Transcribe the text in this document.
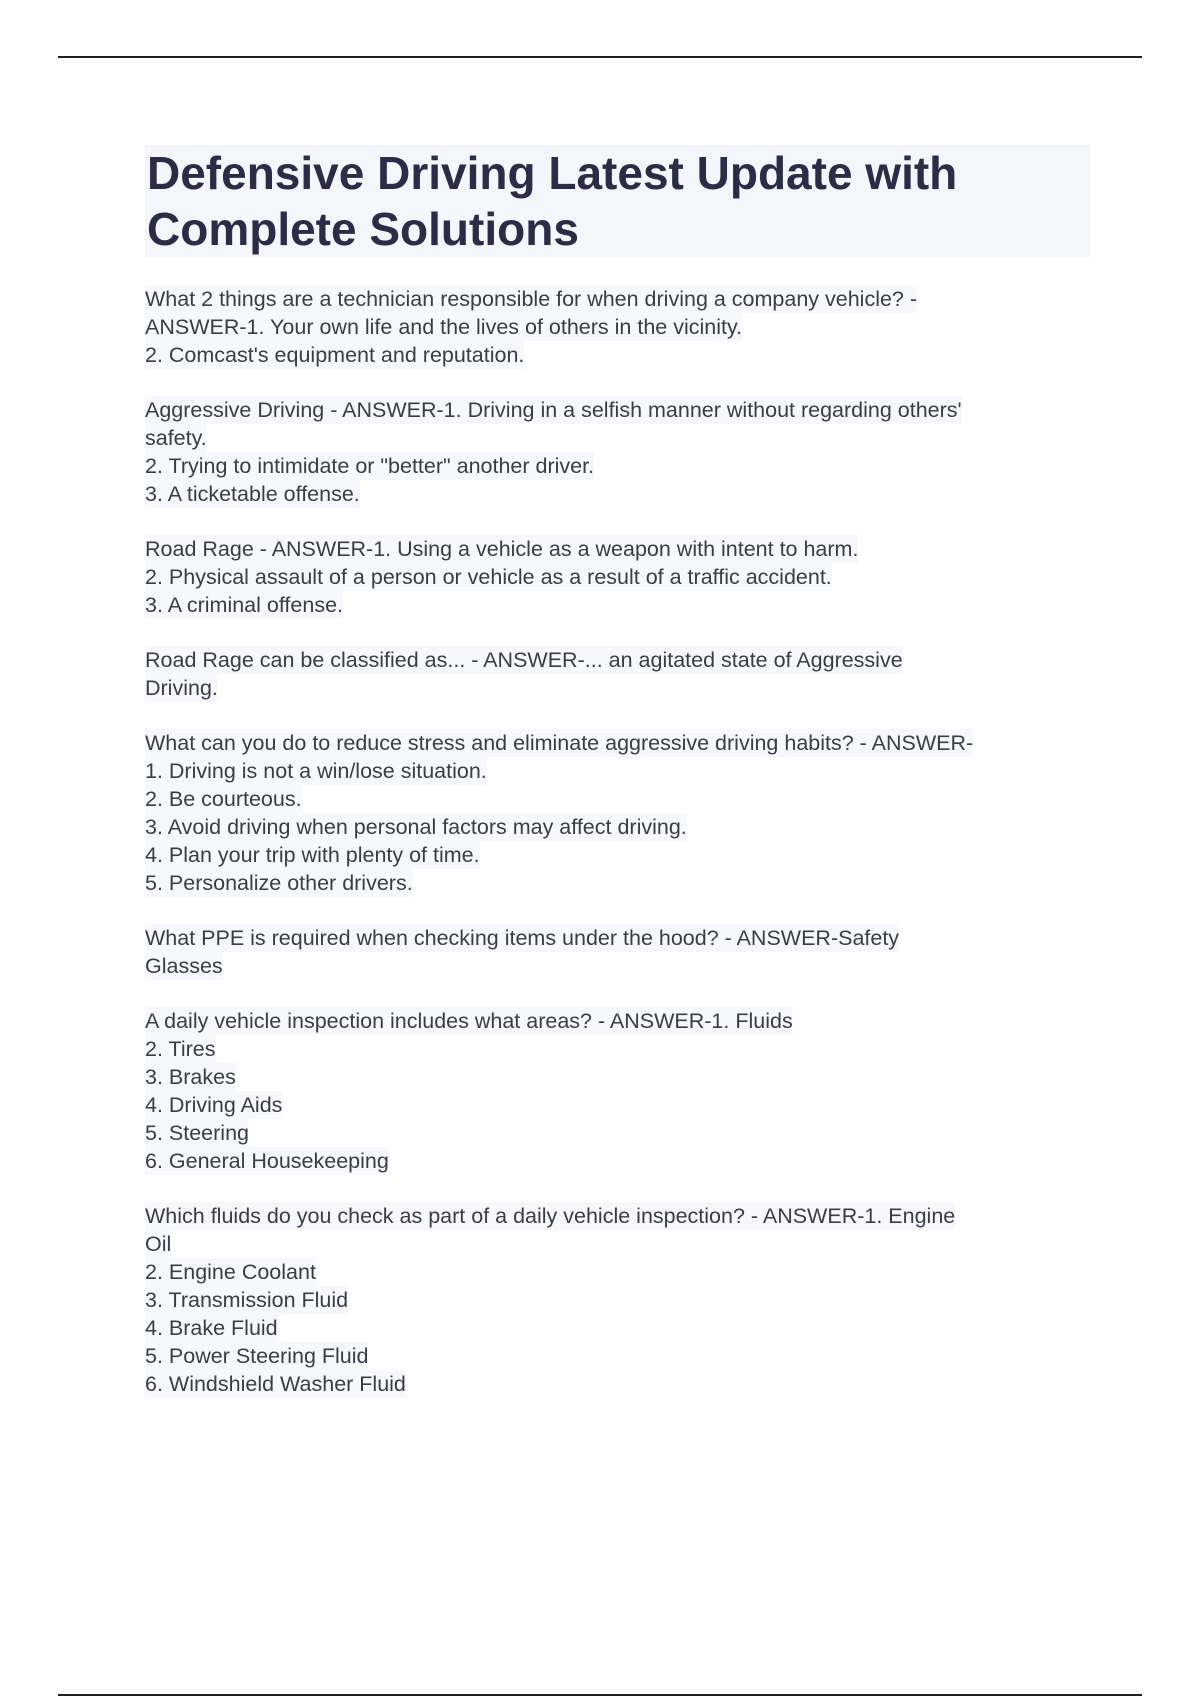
Defensive Driving Latest Update with
Complete Solutions
What 2 things are a technician responsible for when driving a company vehicle? -
ANSWER-1. Your own life and the lives of others in the vicinity.
2. Comcast's equipment and reputation.

Aggressive Driving - ANSWER-1. Driving in a selfish manner without regarding others'
safety.
2. Trying to intimidate or "better" another driver.
3. A ticketable offense.

Road Rage - ANSWER-1. Using a vehicle as a weapon with intent to harm.
2. Physical assault of a person or vehicle as a result of a traffic accident.
3. A criminal offense.

Road Rage can be classified as... - ANSWER-... an agitated state of Aggressive
Driving.

What can you do to reduce stress and eliminate aggressive driving habits? - ANSWER-
1. Driving is not a win/lose situation.
2. Be courteous.
3. Avoid driving when personal factors may affect driving.
4. Plan your trip with plenty of time.
5. Personalize other drivers.

What PPE is required when checking items under the hood? - ANSWER-Safety
Glasses

A daily vehicle inspection includes what areas? - ANSWER-1. Fluids
2. Tires
3. Brakes
4. Driving Aids
5. Steering
6. General Housekeeping

Which fluids do you check as part of a daily vehicle inspection? - ANSWER-1. Engine
Oil
2. Engine Coolant
3. Transmission Fluid
4. Brake Fluid
5. Power Steering Fluid
6. Windshield Washer Fluid
